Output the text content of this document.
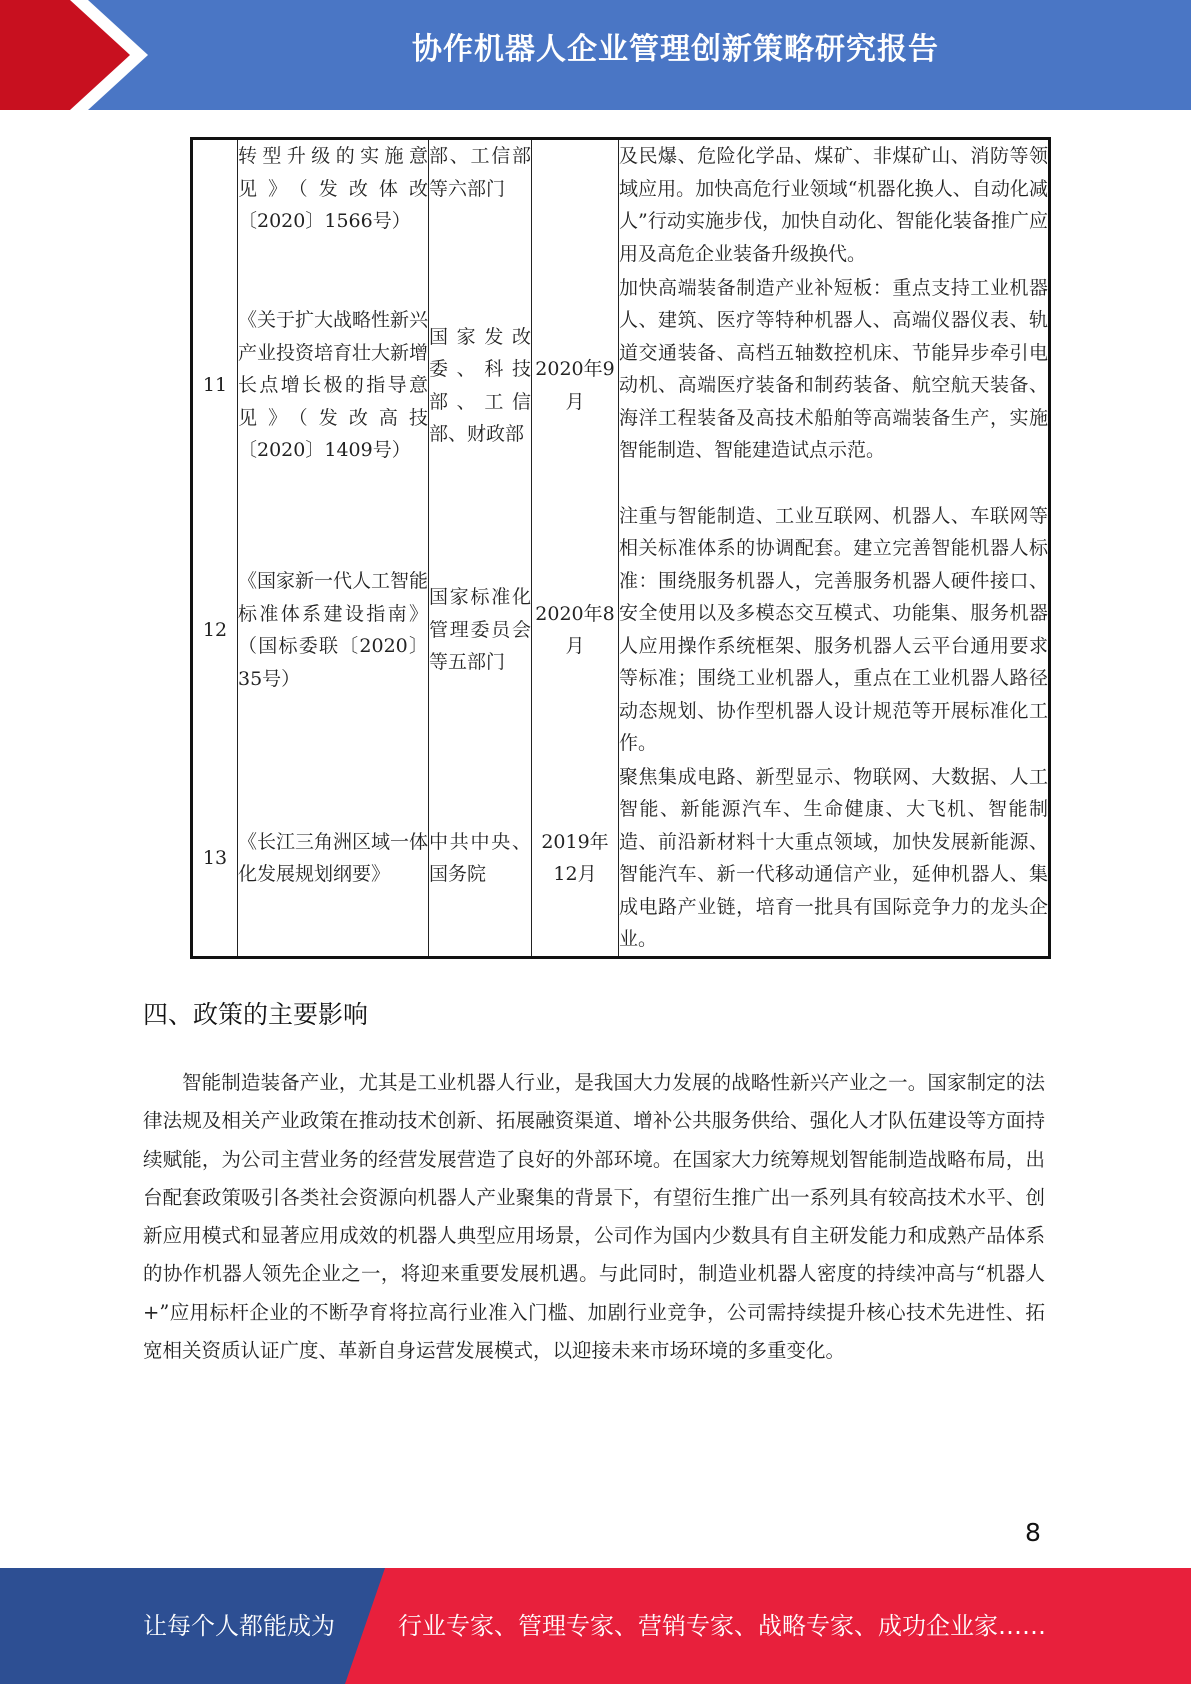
协作机器人企业管理创新策略研究报告
	转型升级的实施意见》（发改体改〔2020〕1566号）	部、工信部等六部门		及民爆、危险化学品、煤矿、非煤矿山、消防等领域应用。加快高危行业领域“机器化换人、自动化减人”行动实施步伐，加快自动化、智能化装备推广应用及高危企业装备升级换代。
11	《关于扩大战略性新兴产业投资培育壮大新增长点增长极的指导意见》（发改高技〔2020〕1409号）	国家发改委、科技部、工信部、财政部	2020年9月	加快高端装备制造产业补短板：重点支持工业机器人、建筑、医疗等特种机器人、高端仪器仪表、轨道交通装备、高档五轴数控机床、节能异步牵引电动机、高端医疗装备和制药装备、航空航天装备、海洋工程装备及高技术船舶等高端装备生产，实施智能制造、智能建造试点示范。
12	《国家新一代人工智能标准体系建设指南》（国标委联〔2020〕35号）	国家标准化管理委员会等五部门	2020年8月	注重与智能制造、工业互联网、机器人、车联网等相关标准体系的协调配套。建立完善智能机器人标准：围绕服务机器人，完善服务机器人硬件接口、安全使用以及多模态交互模式、功能集、服务机器人应用操作系统框架、服务机器人云平台通用要求等标准；围绕工业机器人，重点在工业机器人路径动态规划、协作型机器人设计规范等开展标准化工作。
13	《长江三角洲区域一体化发展规划纲要》	中共中央、国务院	2019年12月	聚焦集成电路、新型显示、物联网、大数据、人工智能、新能源汽车、生命健康、大飞机、智能制造、前沿新材料十大重点领域，加快发展新能源、智能汽车、新一代移动通信产业，延伸机器人、集成电路产业链，培育一批具有国际竞争力的龙头企业。
四、政策的主要影响

智能制造装备产业，尤其是工业机器人行业，是我国大力发展的战略性新兴产业之一。国家制定的法律法规及相关产业政策在推动技术创新、拓展融资渠道、增补公共服务供给、强化人才队伍建设等方面持续赋能，为公司主营业务的经营发展营造了良好的外部环境。在国家大力统筹规划智能制造战略布局，出台配套政策吸引各类社会资源向机器人产业聚集的背景下，有望衍生推广出一系列具有较高技术水平、创新应用模式和显著应用成效的机器人典型应用场景，公司作为国内少数具有自主研发能力和成熟产品体系的协作机器人领先企业之一，将迎来重要发展机遇。与此同时，制造业机器人密度的持续冲高与“机器人+”应用标杆企业的不断孕育将拉高行业准入门槛、加剧行业竞争，公司需持续提升核心技术先进性、拓宽相关资质认证广度、革新自身运营发展模式，以迎接未来市场环境的多重变化。

8
让每个人都能成为	行业专家、管理专家、营销专家、战略专家、成功企业家……
